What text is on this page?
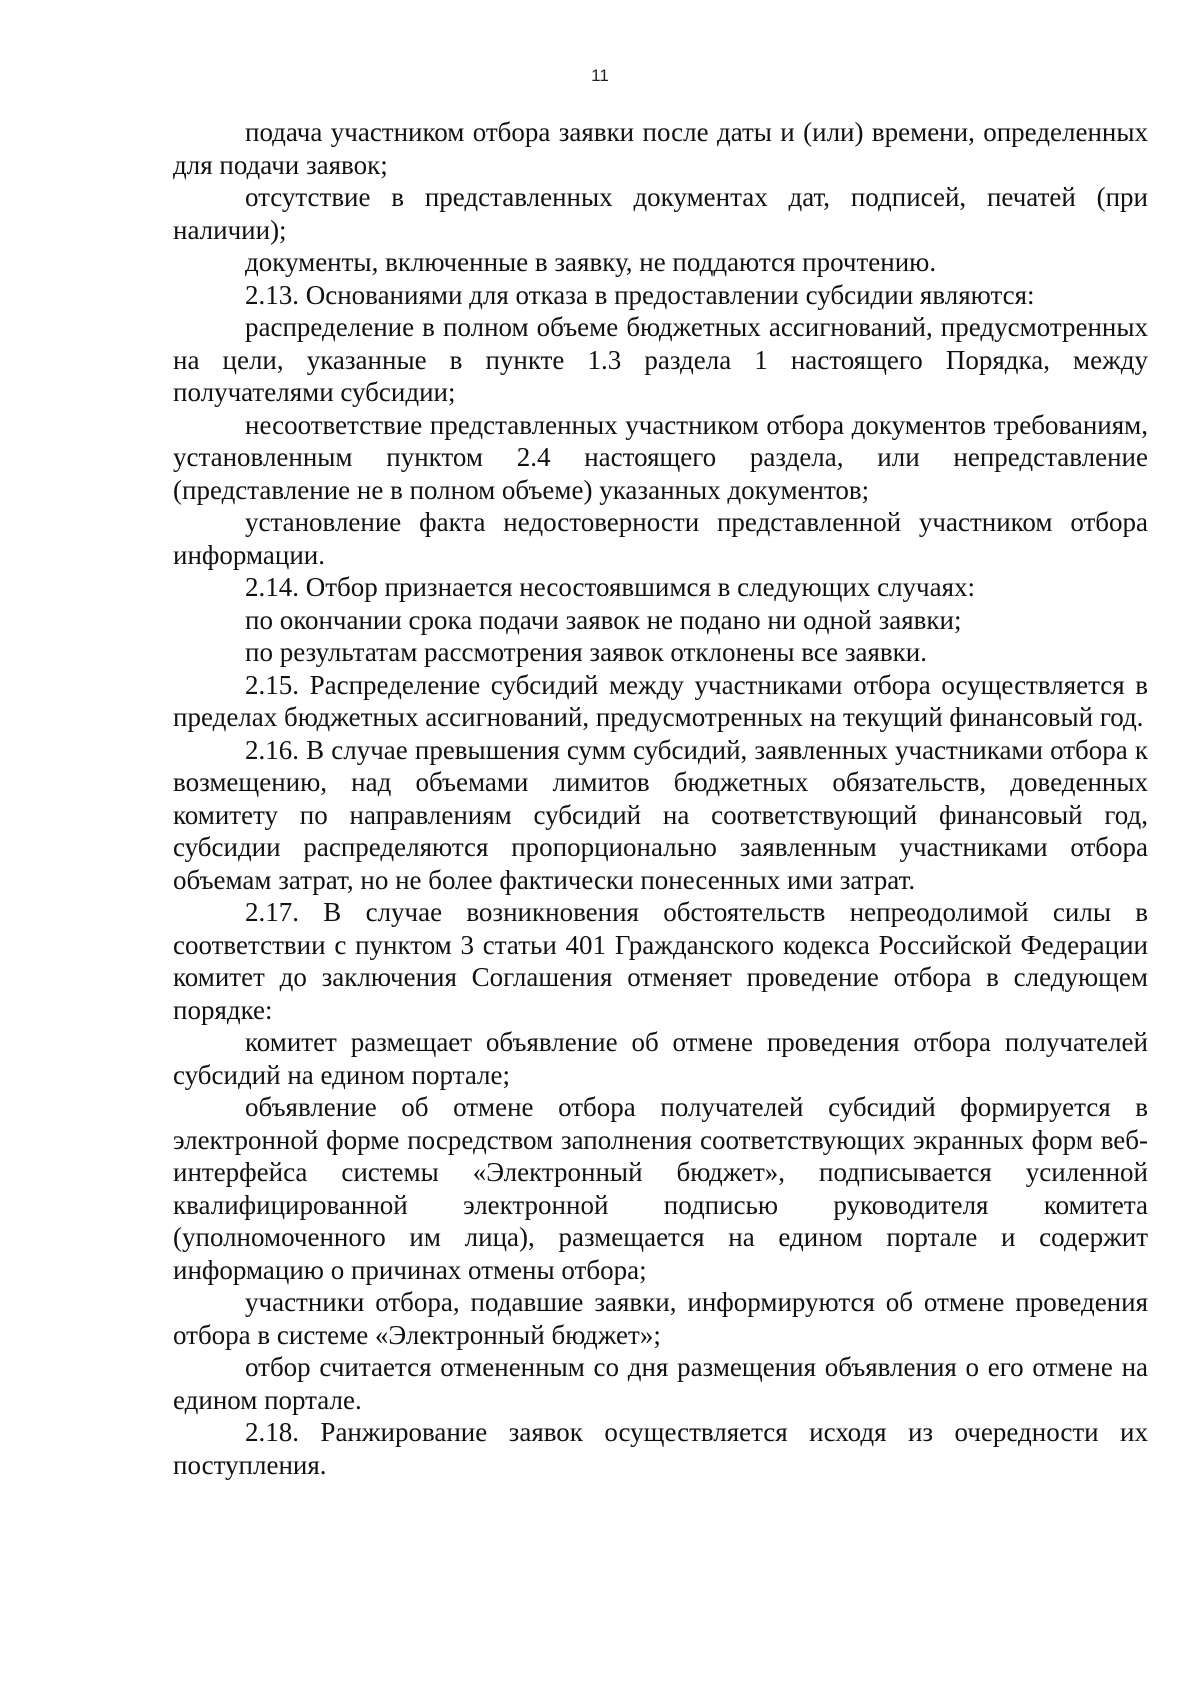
11

подача участником отбора заявки после даты и (или) времени, определенных для подачи заявок;

отсутствие в представленных документах дат, подписей, печатей (при наличии);

документы, включенные в заявку, не поддаются прочтению.

2.13. Основаниями для отказа в предоставлении субсидии являются:

распределение в полном объеме бюджетных ассигнований, предусмотренных на цели, указанные в пункте 1.3 раздела 1 настоящего Порядка, между получателями субсидии;

несоответствие представленных участником отбора документов требованиям, установленным пунктом 2.4 настоящего раздела, или непредставление (представление не в полном объеме) указанных документов;

установление факта недостоверности представленной участником отбора информации.

2.14. Отбор признается несостоявшимся в следующих случаях:

по окончании срока подачи заявок не подано ни одной заявки;

по результатам рассмотрения заявок отклонены все заявки.

2.15. Распределение субсидий между участниками отбора осуществляется в пределах бюджетных ассигнований, предусмотренных на текущий финансовый год.

2.16. В случае превышения сумм субсидий, заявленных участниками отбора к возмещению, над объемами лимитов бюджетных обязательств, доведенных комитету по направлениям субсидий на соответствующий финансовый год, субсидии распределяются пропорционально заявленным участниками отбора объемам затрат, но не более фактически понесенных ими затрат.

2.17. В случае возникновения обстоятельств непреодолимой силы в соответствии с пунктом 3 статьи 401 Гражданского кодекса Российской Федерации комитет до заключения Соглашения отменяет проведение отбора в следующем порядке:

комитет размещает объявление об отмене проведения отбора получателей субсидий на едином портале;

объявление об отмене отбора получателей субсидий формируется в электронной форме посредством заполнения соответствующих экранных форм веб-интерфейса системы «Электронный бюджет», подписывается усиленной квалифицированной электронной подписью руководителя комитета (уполномоченного им лица), размещается на едином портале и содержит информацию о причинах отмены отбора;

участники отбора, подавшие заявки, информируются об отмене проведения отбора в системе «Электронный бюджет»;

отбор считается отмененным со дня размещения объявления о его отмене на едином портале.

2.18. Ранжирование заявок осуществляется исходя из очередности их поступления.
